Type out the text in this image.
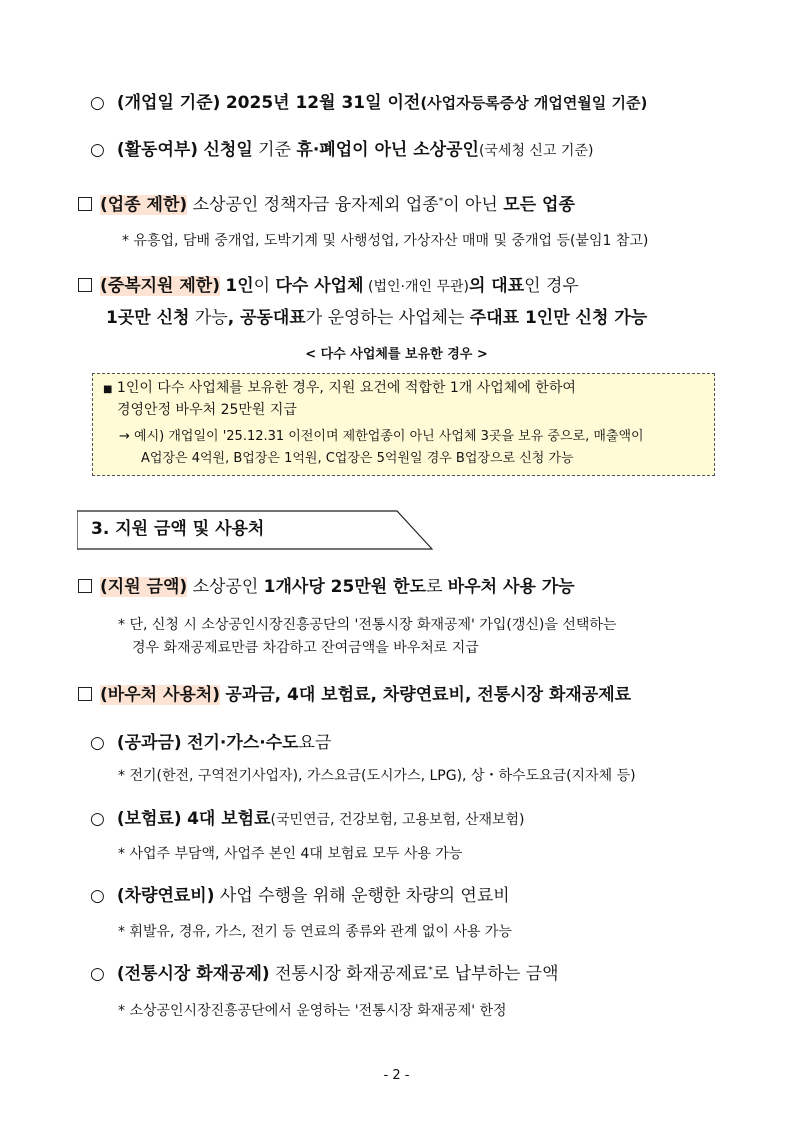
○ (개업일 기준) 2025년 12월 31일 이전(사업자등록증상 개업연월일 기준)
○ (활동여부) 신청일 기준 휴·폐업이 아닌 소상공인(국세청 신고 기준)
(업종 제한) 소상공인 정책자금 융자제외 업종*이 아닌 모든 업종
* 유흥업, 담배 중개업, 도박기계 및 사행성업, 가상자산 매매 및 중개업 등(붙임1 참고)
(중복지원 제한) 1인이 다수 사업체 (법인·개인 무관)의 대표인 경우
1곳만 신청 가능, 공동대표가 운영하는 사업체는 주대표 1인만 신청 가능
< 다수 사업체를 보유한 경우 >
■ 1인이 다수 사업체를 보유한 경우, 지원 요건에 적합한 1개 사업체에 한하여
경영안정 바우처 25만원 지급
→ 예시) 개업일이 '25.12.31 이전이며 제한업종이 아닌 사업체 3곳을 보유 중으로, 매출액이
A업장은 4억원, B업장은 1억원, C업장은 5억원일 경우 B업장으로 신청 가능
3. 지원 금액 및 사용처
(지원 금액) 소상공인 1개사당 25만원 한도로 바우처 사용 가능
* 단, 신청 시 소상공인시장진흥공단의 '전통시장 화재공제' 가입(갱신)을 선택하는
경우 화재공제료만큼 차감하고 잔여금액을 바우처로 지급
(바우처 사용처) 공과금, 4대 보험료, 차량연료비, 전통시장 화재공제료
○ (공과금) 전기·가스·수도요금
* 전기(한전, 구역전기사업자), 가스요금(도시가스, LPG), 상・하수도요금(지자체 등)
○ (보험료) 4대 보험료(국민연금, 건강보험, 고용보험, 산재보험)
* 사업주 부담액, 사업주 본인 4대 보험료 모두 사용 가능
○ (차량연료비) 사업 수행을 위해 운행한 차량의 연료비
* 휘발유, 경유, 가스, 전기 등 연료의 종류와 관계 없이 사용 가능
○ (전통시장 화재공제) 전통시장 화재공제료*로 납부하는 금액
* 소상공인시장진흥공단에서 운영하는 '전통시장 화재공제' 한정
- 2 -
